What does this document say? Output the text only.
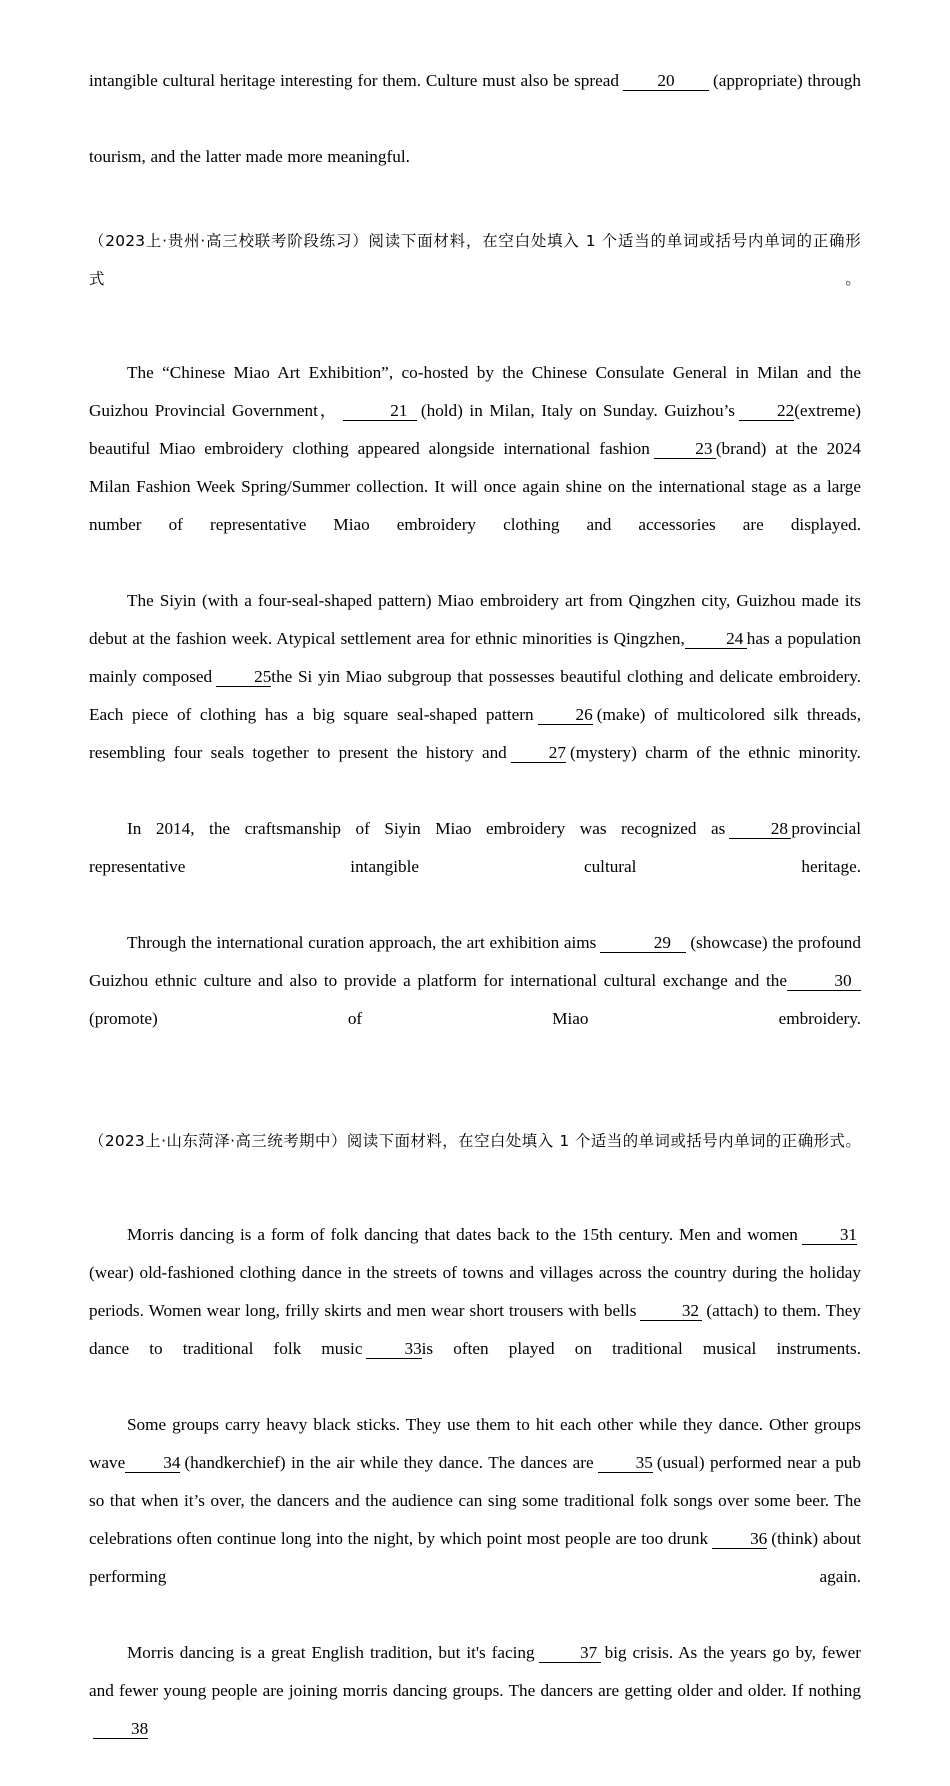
intangible cultural heritage interesting for them. Culture must also be spread 20 (appropriate) through

tourism, and the latter made more meaningful.

（2023上·贵州·高三校联考阶段练习）阅读下面材料，在空白处填入 1 个适当的单词或括号内单词的正确形式。

The “Chinese Miao Art Exhibition”, co-hosted by the Chinese Consulate General in Milan and the Guizhou Provincial Government，	21 (hold) in Milan, Italy on Sunday. Guizhou’s 22(extreme) beautiful Miao embroidery clothing appeared alongside international fashion	23 (brand) at the 2024 Milan Fashion Week Spring/Summer collection. It will once again shine on the international stage as a large number of representative Miao embroidery clothing and accessories are displayed.

The Siyin (with a four-seal-shaped pattern) Miao embroidery art from Qingzhen city, Guizhou made its debut at the fashion week. Atypical settlement area for ethnic minorities is Qingzhen, 24 has a population mainly composed 25the Si yin Miao subgroup that possesses beautiful clothing and delicate embroidery. Each piece of clothing has a big square seal-shaped pattern 26 (make) of multicolored silk threads, resembling four seals together to present the history and 27 (mystery) charm of the ethnic minority.

In 2014, the craftsmanship of Siyin Miao embroidery was recognized as	28 provincial representative intangible cultural heritage.

Through the international curation approach, the art exhibition aims	29 (showcase) the profound Guizhou ethnic culture and also to provide a platform for international cultural exchange and the	30(promote) of Miao embroidery.

（2023上·山东菏泽·高三统考期中）阅读下面材料，在空白处填入 1 个适当的单词或括号内单词的正确形式。

Morris dancing is a form of folk dancing that dates back to the 15th century. Men and women 31(wear) old-fashioned clothing dance in the streets of towns and villages across the country during the holiday periods. Women wear long, frilly skirts and men wear short trousers with bells	32 (attach) to them. They dance to traditional folk music 33is often played on traditional musical instruments.

Some groups carry heavy black sticks. They use them to hit each other while they dance. Other groups wave 34 (handkerchief) in the air while they dance. The dances are 35 (usual) performed near a pub so that when it’s over, the dancers and the audience can sing some traditional folk songs over some beer. The celebrations often continue long into the night, by which point most people are too drunk 36 (think) about performing again.

Morris dancing is a great English tradition, but it's facing	37 big crisis. As the years go by, fewer and fewer young people are joining morris dancing groups. The dancers are getting older and older. If nothing38
